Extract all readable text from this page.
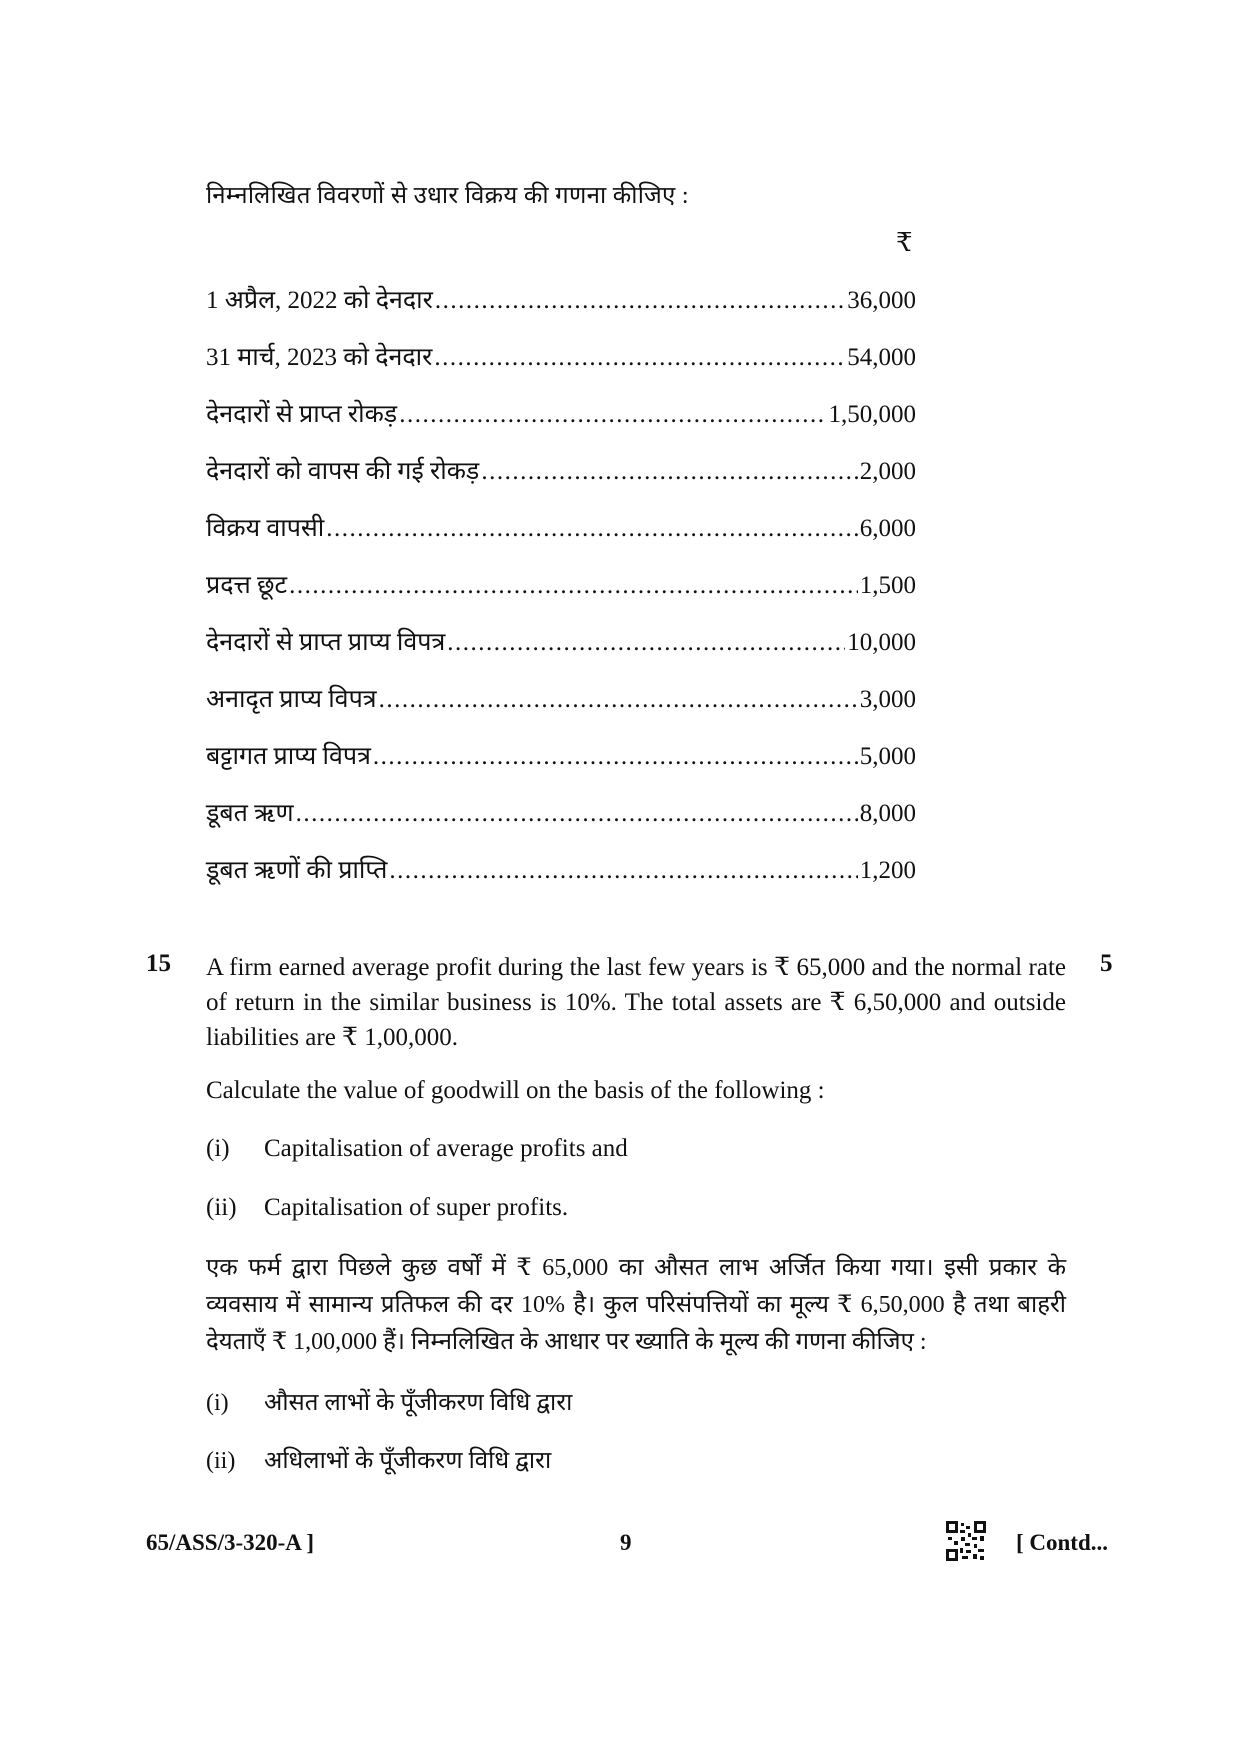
निम्नलिखित विवरणों से उधार विक्रय की गणना कीजिए :
₹
1 अप्रैल, 2022 को देनदार .....	36,000
31 मार्च, 2023 को देनदार .....	54,000
देनदारों से प्राप्त रोकड़ .....	1,50,000
देनदारों को वापस की गई रोकड़ .....	2,000
विक्रय वापसी .....	6,000
प्रदत्त छूट .....	1,500
देनदारों से प्राप्त प्राप्य विपत्र .....	10,000
अनादृत प्राप्य विपत्र .....	3,000
बट्टागत प्राप्य विपत्र .....	5,000
डूबत ऋण .....	8,000
डूबत ऋणों की प्राप्ति .....	1,200
15 A firm earned average profit during the last few years is ₹ 65,000 and the normal rate of return in the similar business is 10%. The total assets are ₹ 6,50,000 and outside liabilities are ₹ 1,00,000.
5
Calculate the value of goodwill on the basis of the following :
(i) Capitalisation of average profits and
(ii) Capitalisation of super profits.
एक फर्म द्वारा पिछले कुछ वर्षों में ₹ 65,000 का औसत लाभ अर्जित किया गया। इसी प्रकार के व्यवसाय में सामान्य प्रतिफल की दर 10% है। कुल परिसंपत्तियों का मूल्य ₹ 6,50,000 है तथा बाहरी देयताएँ ₹ 1,00,000 हैं। निम्नलिखित के आधार पर ख्याति के मूल्य की गणना कीजिए :
(i) औसत लाभों के पूँजीकरण विधि द्वारा
(ii) अधिलाभों के पूँजीकरण विधि द्वारा
65/ASS/3-320-A ]	9	[ Contd...
